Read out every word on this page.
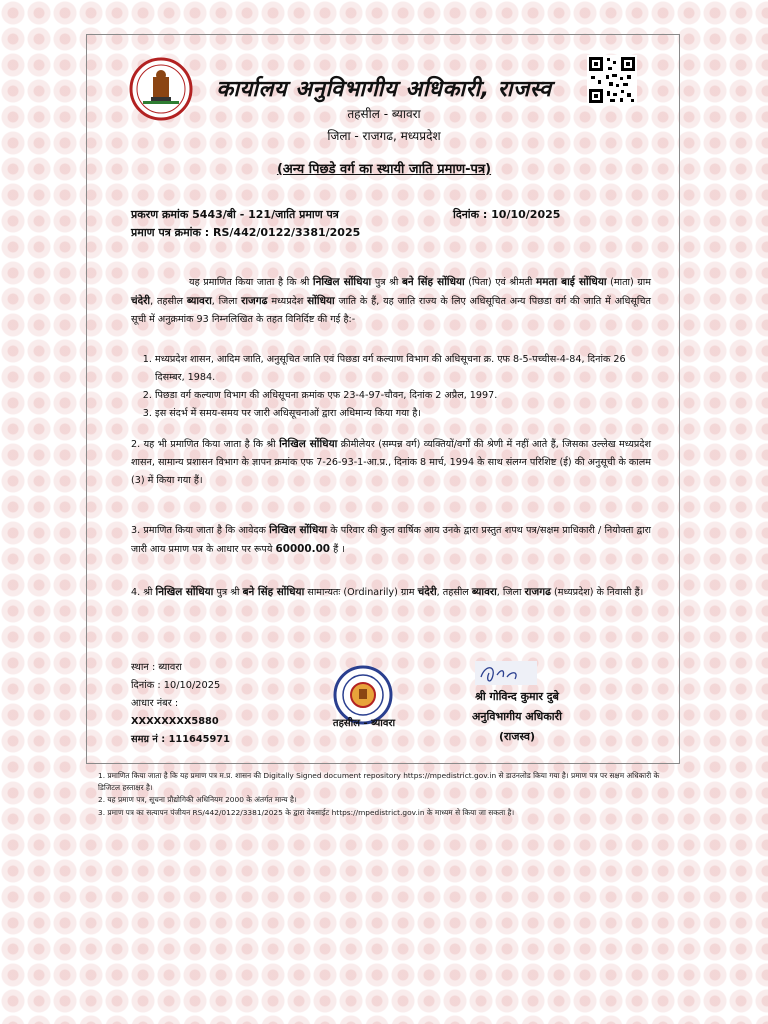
कार्यालय अनुविभागीय अधिकारी, राजस्व
तहसील - ब्यावरा
जिला - राजगढ, मध्यप्रदेश
(अन्य पिछडे वर्ग का स्थायी जाति प्रमाण-पत्र)
प्रकरण क्रमांक 5443/बी - 121/जाति प्रमाण पत्र	दिनांक : 10/10/2025
प्रमाण पत्र क्रमांक : RS/442/0122/3381/2025
यह प्रमाणित किया जाता है कि श्री निखिल सोंधिया पुत्र श्री बने सिंह सोंधिया (पिता) एवं श्रीमती ममता बाई सोंधिया (माता) ग्राम चंदेरी, तहसील ब्यावरा, जिला राजगढ मध्यप्रदेश सोंधिया जाति के हैं, यह जाति राज्य के लिए अधिसूचित अन्य पिछडा वर्ग की जाति में अधिसूचित सूची में अनुक्रमांक 93 निम्नलिखित के तहत विनिर्दिष्ट की गई है:-
1. मध्यप्रदेश शासन, आदिम जाति, अनुसूचित जाति एवं पिछडा वर्ग कल्याण विभाग की अधिसूचना क्र. एफ 8-5-पच्चीस-4-84, दिनांक 26 दिसम्बर, 1984.
2. पिछडा वर्ग कल्याण विभाग की अधिसूचना क्रमांक एफ 23-4-97-चौवन, दिनांक 2 अप्रैल, 1997.
3. इस संदर्भ में समय-समय पर जारी अधिसूचनाओं द्वारा अधिमान्य किया गया है।
2. यह भी प्रमाणित किया जाता है कि श्री निखिल सोंधिया क्रीमीलेयर (सम्पन्न वर्ग) व्यक्तियों/वर्गों की श्रेणी में नहीं आते हैं, जिसका उल्लेख मध्यप्रदेश शासन, सामान्य प्रशासन विभाग के ज्ञापन क्रमांक एफ 7-26-93-1-आ.प्र., दिनांक 8 मार्च, 1994 के साथ संलग्न परिशिष्ट (ई) की अनुसूची के कालम (3) में किया गया हैं।
3. प्रमाणित किया जाता है कि आवेदक निखिल सोंधिया के परिवार की कुल वार्षिक आय उनके द्वारा प्रस्तुत शपथ पत्र/सक्षम प्राधिकारी / नियोक्ता द्वारा जारी आय प्रमाण पत्र के आधार पर रूपये 60000.00 हैं ।
4. श्री निखिल सोंधिया पुत्र श्री बने सिंह सोंधिया सामान्यतः (Ordinarily) ग्राम चंदेरी, तहसील ब्यावरा, जिला राजगढ (मध्यप्रदेश) के निवासी हैं।
स्थान : ब्यावरा
दिनांक : 10/10/2025
आधार नंबर :
XXXXXXXX5880
समग्र नं : 111645971
तहसील - ब्यावरा
श्री गोविन्द कुमार दुबे
अनुविभागीय अधिकारी
(राजस्व)

1. प्रमाणित किया जाता है कि यह प्रमाण पत्र म.प्र. शासन की Digitally Signed document repository https://mpedistrict.gov.in से डाउनलोड किया गया है। प्रमाण पत्र पर सक्षम अधिकारी के डिजिटल हस्ताक्षर है।

2. यह प्रमाण पत्र, सूचना प्रौद्योगिकी अधिनियम 2000 के अंतर्गत मान्य है।

3. प्रमाण पत्र का सत्यापन पंजीयन RS/442/0122/3381/2025 के द्वारा वेबसाईट https://mpedistrict.gov.in के माध्यम से किया जा सकता है।
